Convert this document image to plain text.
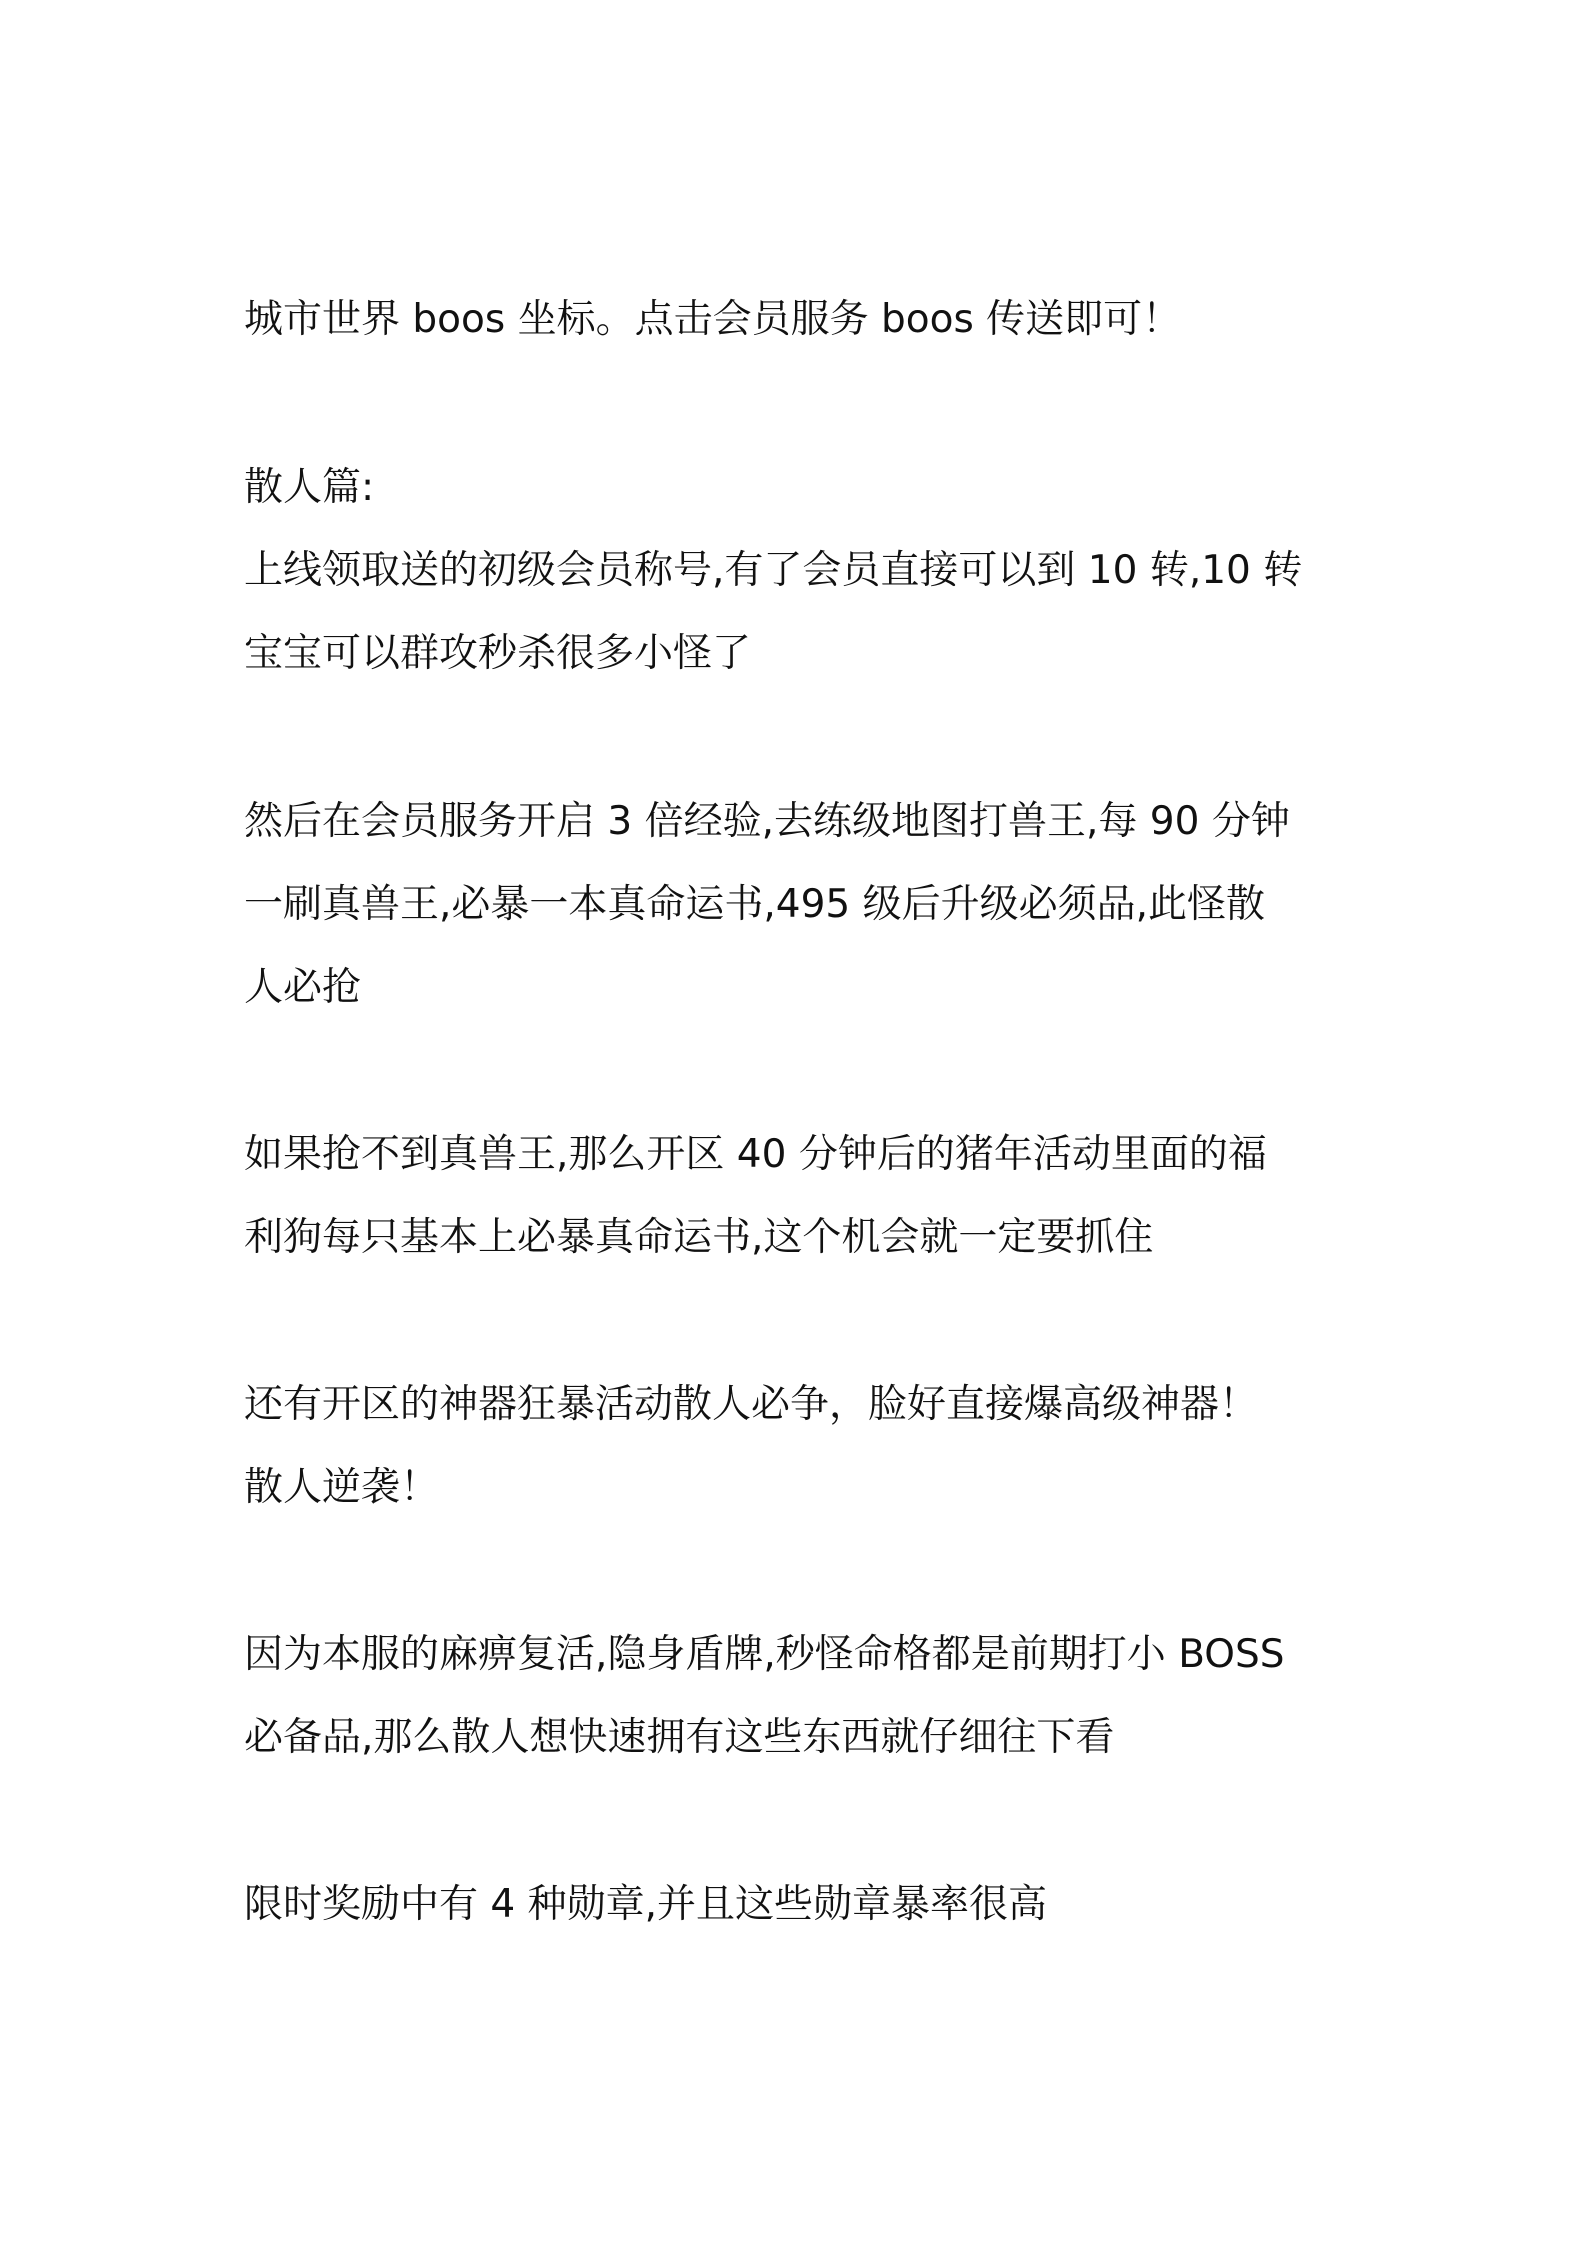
城市世界 boos 坐标。点击会员服务 boos 传送即可！

散人篇:
上线领取送的初级会员称号,有了会员直接可以到 10 转,10 转
宝宝可以群攻秒杀很多小怪了

然后在会员服务开启 3 倍经验,去练级地图打兽王,每 90 分钟
一刷真兽王,必暴一本真命运书,495 级后升级必须品,此怪散
人必抢

如果抢不到真兽王,那么开区 40 分钟后的猪年活动里面的福
利狗每只基本上必暴真命运书,这个机会就一定要抓住

还有开区的神器狂暴活动散人必争，脸好直接爆高级神器！
散人逆袭！

因为本服的麻痹复活,隐身盾牌,秒怪命格都是前期打小 BOSS
必备品,那么散人想快速拥有这些东西就仔细往下看

限时奖励中有 4 种勋章,并且这些勋章暴率很高
